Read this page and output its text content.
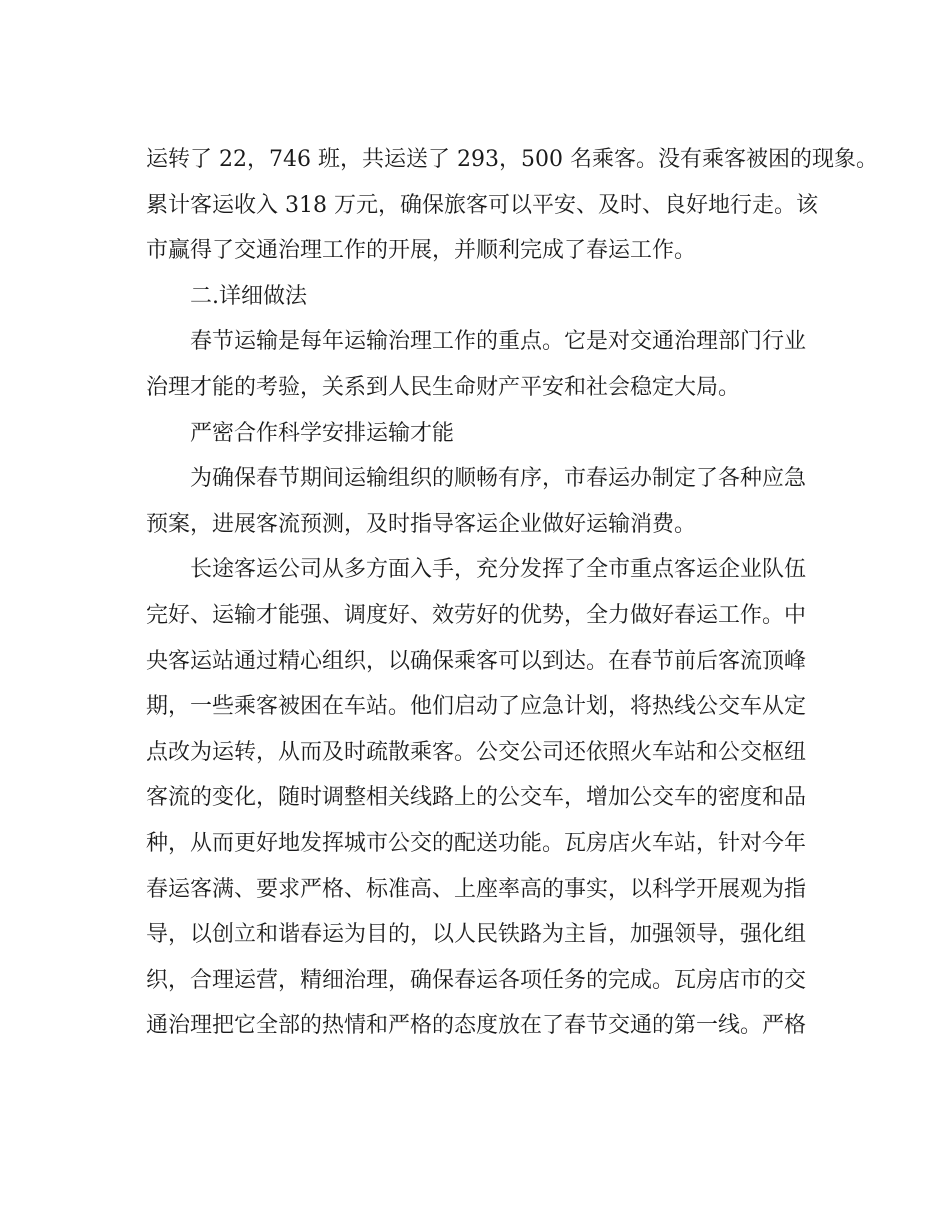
运转了 22，746 班，共运送了 293，500 名乘客。没有乘客被困的现象。
累计客运收入 318 万元，确保旅客可以平安、及时、良好地行走。该
市赢得了交通治理工作的开展，并顺利完成了春运工作。
二.详细做法
春节运输是每年运输治理工作的重点。它是对交通治理部门行业
治理才能的考验，关系到人民生命财产平安和社会稳定大局。
严密合作科学安排运输才能
为确保春节期间运输组织的顺畅有序，市春运办制定了各种应急
预案，进展客流预测，及时指导客运企业做好运输消费。
长途客运公司从多方面入手，充分发挥了全市重点客运企业队伍
完好、运输才能强、调度好、效劳好的优势，全力做好春运工作。中
央客运站通过精心组织，以确保乘客可以到达。在春节前后客流顶峰
期，一些乘客被困在车站。他们启动了应急计划，将热线公交车从定
点改为运转，从而及时疏散乘客。公交公司还依照火车站和公交枢纽
客流的变化，随时调整相关线路上的公交车，增加公交车的密度和品
种，从而更好地发挥城市公交的配送功能。瓦房店火车站，针对今年
春运客满、要求严格、标准高、上座率高的事实，以科学开展观为指
导，以创立和谐春运为目的，以人民铁路为主旨，加强领导，强化组
织，合理运营，精细治理，确保春运各项任务的完成。瓦房店市的交
通治理把它全部的热情和严格的态度放在了春节交通的第一线。严格
